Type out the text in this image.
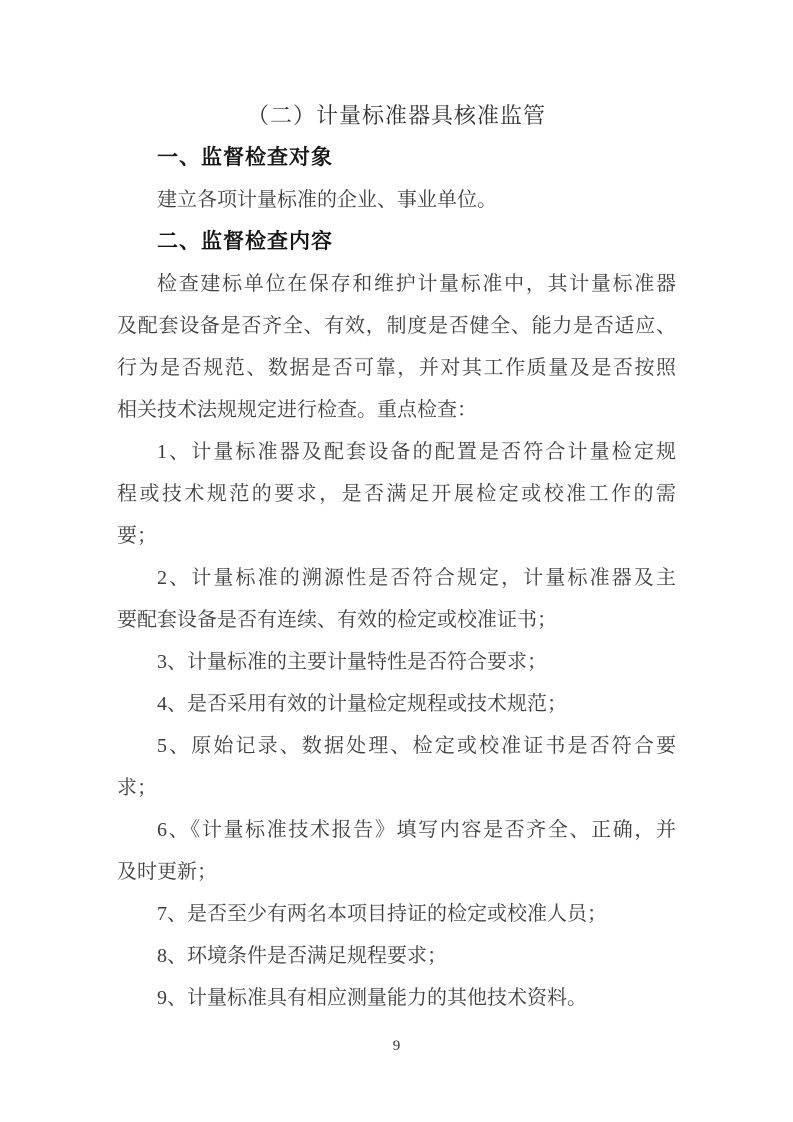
（二）计量标准器具核准监管
一、监督检查对象
建立各项计量标准的企业、事业单位。
二、监督检查内容
检查建标单位在保存和维护计量标准中，其计量标准器
及配套设备是否齐全、有效，制度是否健全、能力是否适应、
行为是否规范、数据是否可靠，并对其工作质量及是否按照
相关技术法规规定进行检查。重点检查：
1、计量标准器及配套设备的配置是否符合计量检定规
程或技术规范的要求，是否满足开展检定或校准工作的需
要；
2、计量标准的溯源性是否符合规定，计量标准器及主
要配套设备是否有连续、有效的检定或校准证书；
3、计量标准的主要计量特性是否符合要求；
4、是否采用有效的计量检定规程或技术规范；
5、原始记录、数据处理、检定或校准证书是否符合要
求；
6、《计量标准技术报告》填写内容是否齐全、正确，并
及时更新；
7、是否至少有两名本项目持证的检定或校准人员；
8、环境条件是否满足规程要求；
9、计量标准具有相应测量能力的其他技术资料。
9
